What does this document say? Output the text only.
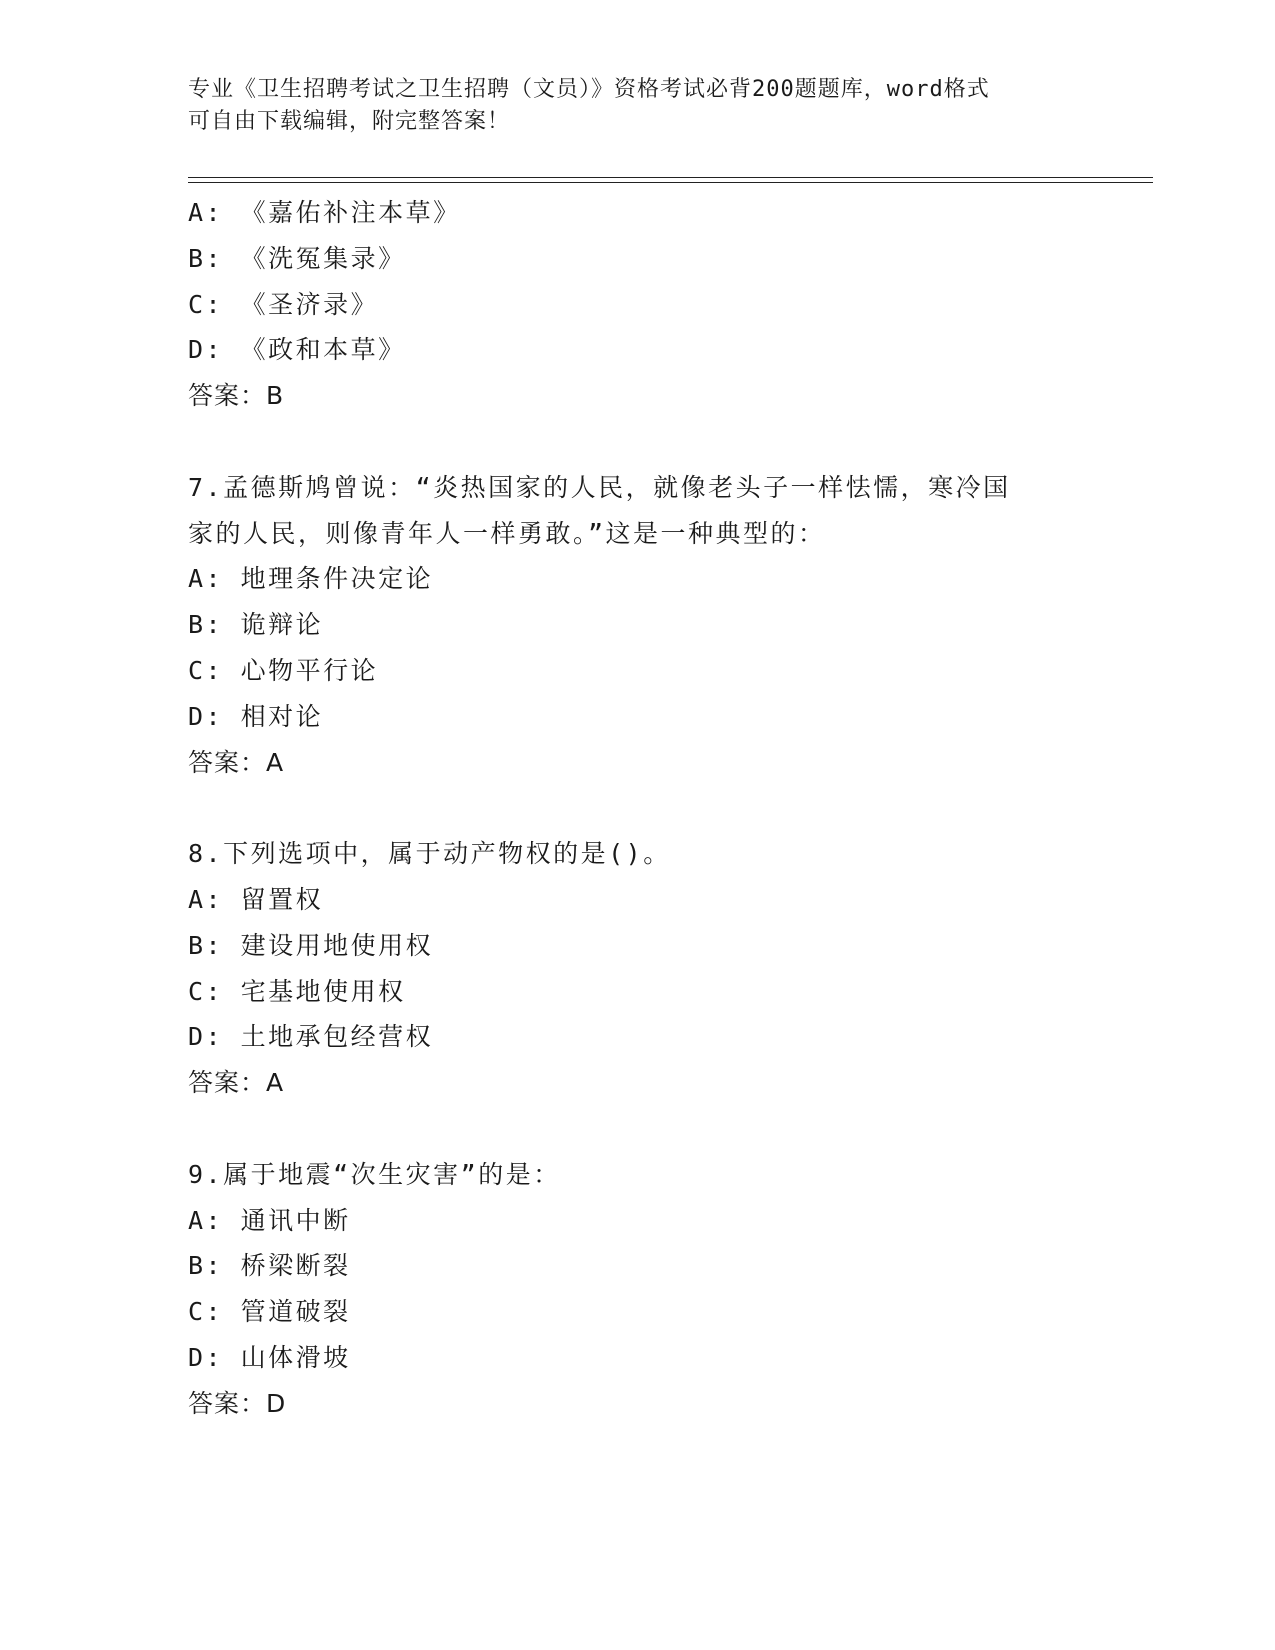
专业《卫生招聘考试之卫生招聘（文员）》资格考试必背200题题库，word格式
可自由下载编辑，附完整答案！
A: 《嘉佑补注本草》
B: 《洗冤集录》
C: 《圣济录》
D: 《政和本草》
答案：B
7.孟德斯鸠曾说：“炎热国家的人民，就像老头子一样怯懦，寒冷国
家的人民，则像青年人一样勇敢。”这是一种典型的：
A: 地理条件决定论
B: 诡辩论
C: 心物平行论
D: 相对论
答案：A
8.下列选项中，属于动产物权的是()。
A: 留置权
B: 建设用地使用权
C: 宅基地使用权
D: 土地承包经营权
答案：A
9.属于地震“次生灾害”的是：
A: 通讯中断
B: 桥梁断裂
C: 管道破裂
D: 山体滑坡
答案：D
